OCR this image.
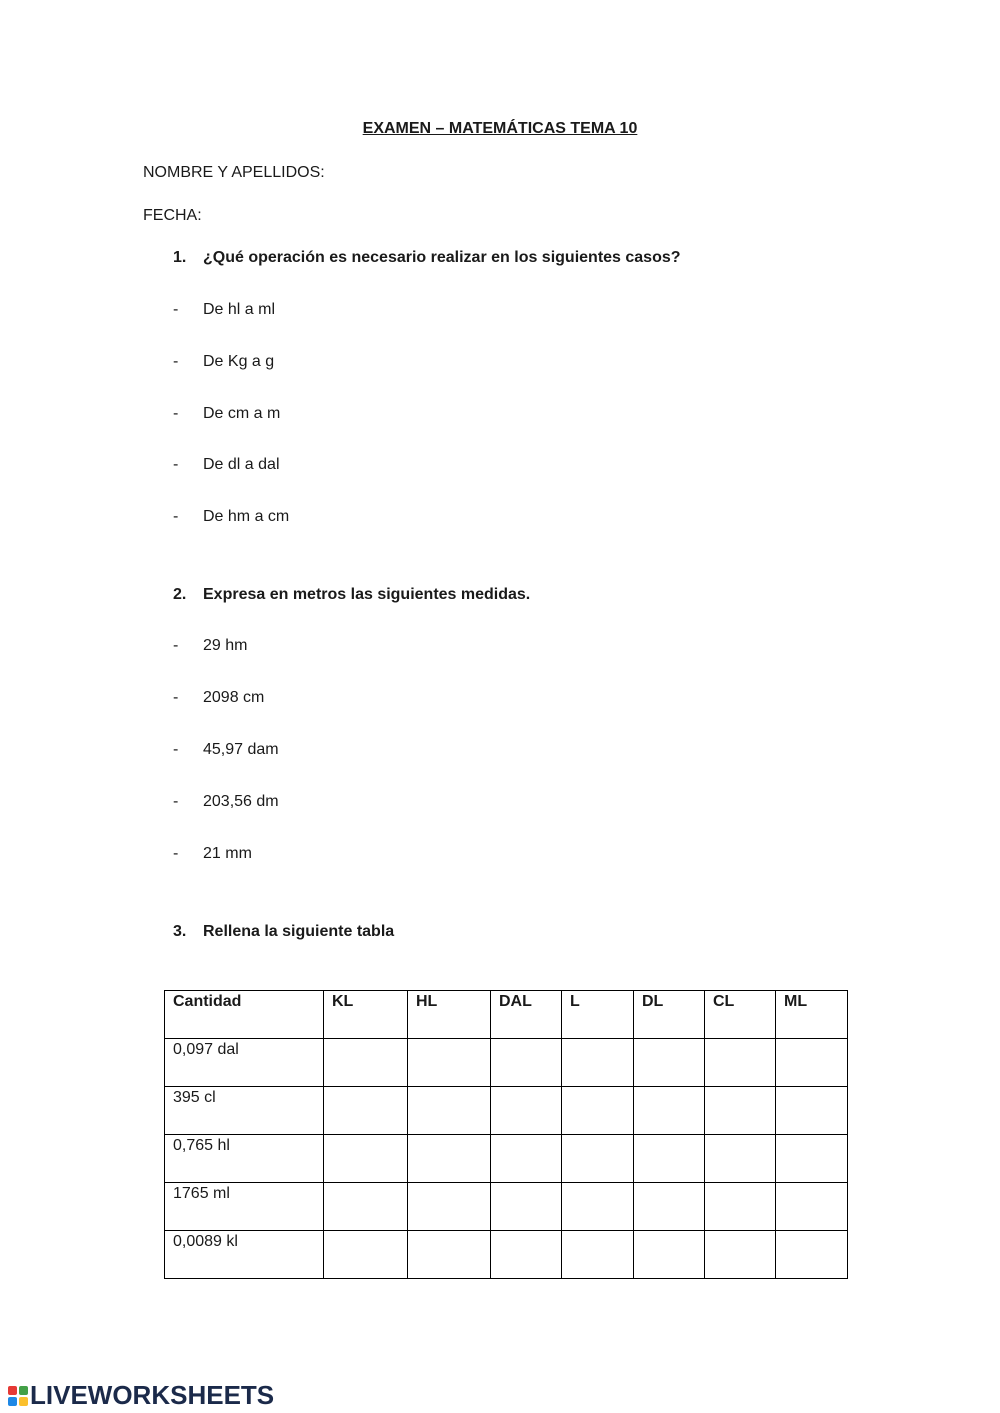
EXAMEN – MATEMÁTICAS TEMA 10
NOMBRE Y APELLIDOS:
FECHA:
1. ¿Qué operación es necesario realizar en los siguientes casos?
- De hl a ml
- De Kg a g
- De cm a m
- De dl a dal
- De hm a cm
2. Expresa en metros las siguientes medidas.
- 29 hm
- 2098 cm
- 45,97 dam
- 203,56 dm
- 21 mm
3. Rellena la siguiente tabla
Cantidad	KL	HL	DAL	L	DL	CL	ML
0,097 dal							
395 cl							
0,765 hl							
1765 ml							
0,0089 kl							
LIVEWORKSHEETS
